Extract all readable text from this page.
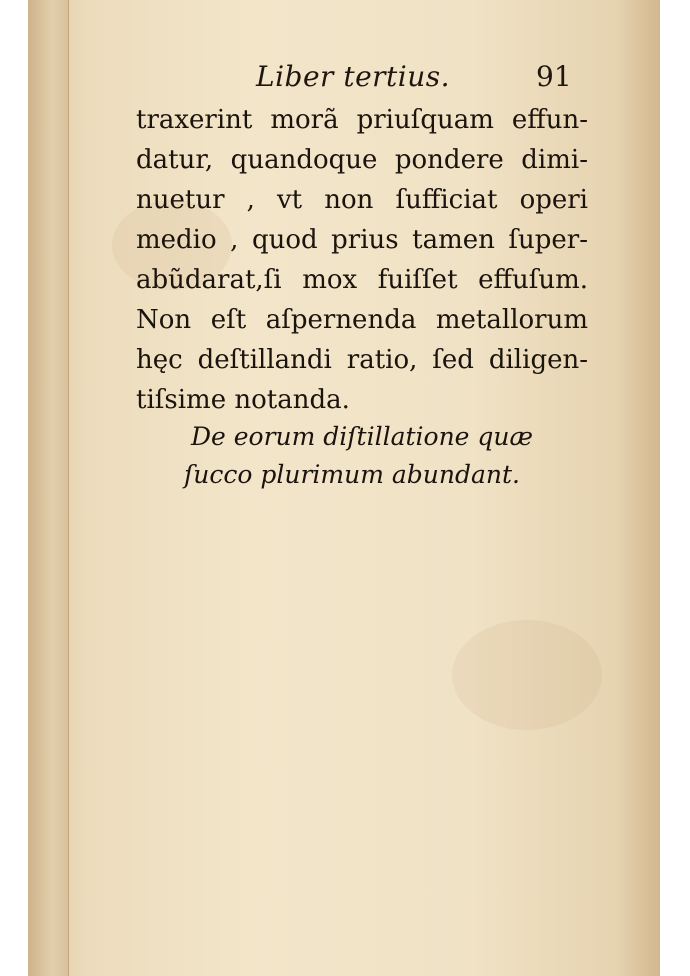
Liber tertius.	91
traxerint morã priuſquam effun-
datur, quandoque pondere dimi-
nuetur , vt non ſufficiat operi
medio , quod prius tamen ſuper-
abũdarat,ſi mox fuiſſet effuſum.
Non eſt aſpernenda metallorum
hęc deſtillandi ratio, ſed diligen-
tiſsime notanda.
De eorum diſtillatione quæ
ſucco plurimum abundant.
